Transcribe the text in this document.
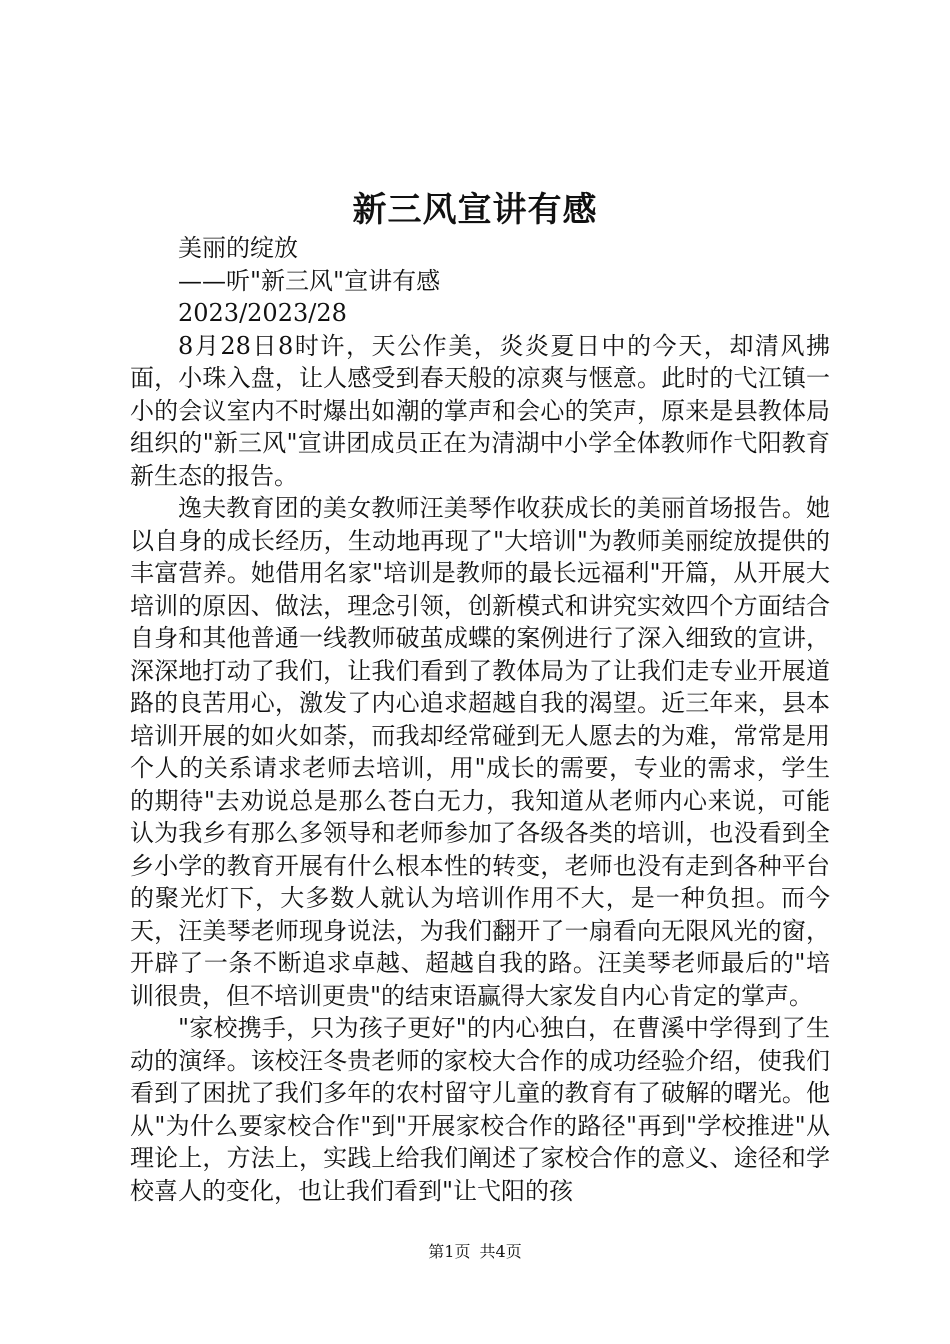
新三风宣讲有感

美丽的绽放

——听"新三风"宣讲有感

2023/2023/28

8月28日8时许，天公作美，炎炎夏日中的今天，却清风拂面，小珠入盘，让人感受到春天般的凉爽与惬意。此时的弋江镇一小的会议室内不时爆出如潮的掌声和会心的笑声，原来是县教体局组织的"新三风"宣讲团成员正在为清湖中小学全体教师作弋阳教育新生态的报告。

逸夫教育团的美女教师汪美琴作收获成长的美丽首场报告。她以自身的成长经历，生动地再现了"大培训"为教师美丽绽放提供的丰富营养。她借用名家"培训是教师的最长远福利"开篇，从开展大培训的原因、做法，理念引领，创新模式和讲究实效四个方面结合自身和其他普通一线教师破茧成蝶的案例进行了深入细致的宣讲，深深地打动了我们，让我们看到了教体局为了让我们走专业开展道路的良苦用心，激发了内心追求超越自我的渴望。近三年来，县本培训开展的如火如荼，而我却经常碰到无人愿去的为难，常常是用个人的关系请求老师去培训，用"成长的需要，专业的需求，学生的期待"去劝说总是那么苍白无力，我知道从老师内心来说，可能认为我乡有那么多领导和老师参加了各级各类的培训，也没看到全乡小学的教育开展有什么根本性的转变，老师也没有走到各种平台的聚光灯下，大多数人就认为培训作用不大，是一种负担。而今天，汪美琴老师现身说法，为我们翻开了一扇看向无限风光的窗，开辟了一条不断追求卓越、超越自我的路。汪美琴老师最后的"培训很贵，但不培训更贵"的结束语赢得大家发自内心肯定的掌声。

"家校携手，只为孩子更好"的内心独白，在曹溪中学得到了生动的演绎。该校汪冬贵老师的家校大合作的成功经验介绍，使我们看到了困扰了我们多年的农村留守儿童的教育有了破解的曙光。他从"为什么要家校合作"到"开展家校合作的路径"再到"学校推进"从理论上，方法上，实践上给我们阐述了家校合作的意义、途径和学校喜人的变化，也让我们看到"让弋阳的孩

第1页 共4页
